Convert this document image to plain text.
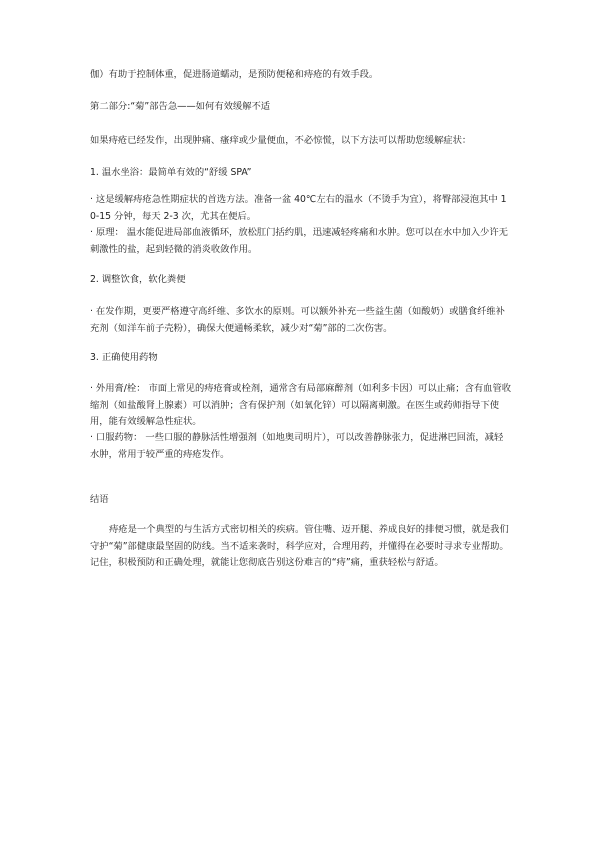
伽）有助于控制体重，促进肠道蠕动，是预防便秘和痔疮的有效手段。

第二部分:“菊”部告急——如何有效缓解不适

如果痔疮已经发作，出现肿痛、瘙痒或少量便血，不必惊慌，以下方法可以帮助您缓解症状：

1. 温水坐浴：最简单有效的“舒缓 SPA”

· 这是缓解痔疮急性期症状的首选方法。准备一盆 40℃左右的温水（不烫手为宜），将臀部浸泡其中 10-15 分钟，每天 2-3 次，尤其在便后。

· 原理： 温水能促进局部血液循环，放松肛门括约肌，迅速减轻疼痛和水肿。您可以在水中加入少许无刺激性的盐，起到轻微的消炎收敛作用。

2. 调整饮食，软化粪便

· 在发作期，更要严格遵守高纤维、多饮水的原则。可以额外补充一些益生菌（如酸奶）或膳食纤维补充剂（如洋车前子壳粉），确保大便通畅柔软，减少对“菊”部的二次伤害。

3. 正确使用药物

· 外用膏/栓： 市面上常见的痔疮膏或栓剂，通常含有局部麻醉剂（如利多卡因）可以止痛；含有血管收缩剂（如盐酸肾上腺素）可以消肿；含有保护剂（如氧化锌）可以隔离刺激。在医生或药师指导下使用，能有效缓解急性症状。

· 口服药物： 一些口服的静脉活性增强剂（如地奥司明片），可以改善静脉张力，促进淋巴回流，减轻水肿，常用于较严重的痔疮发作。

结语

痔疮是一个典型的与生活方式密切相关的疾病。管住嘴、迈开腿、养成良好的排便习惯，就是我们守护“菊”部健康最坚固的防线。当不适来袭时，科学应对，合理用药，并懂得在必要时寻求专业帮助。记住，积极预防和正确处理，就能让您彻底告别这份难言的“痔”痛，重获轻松与舒适。
